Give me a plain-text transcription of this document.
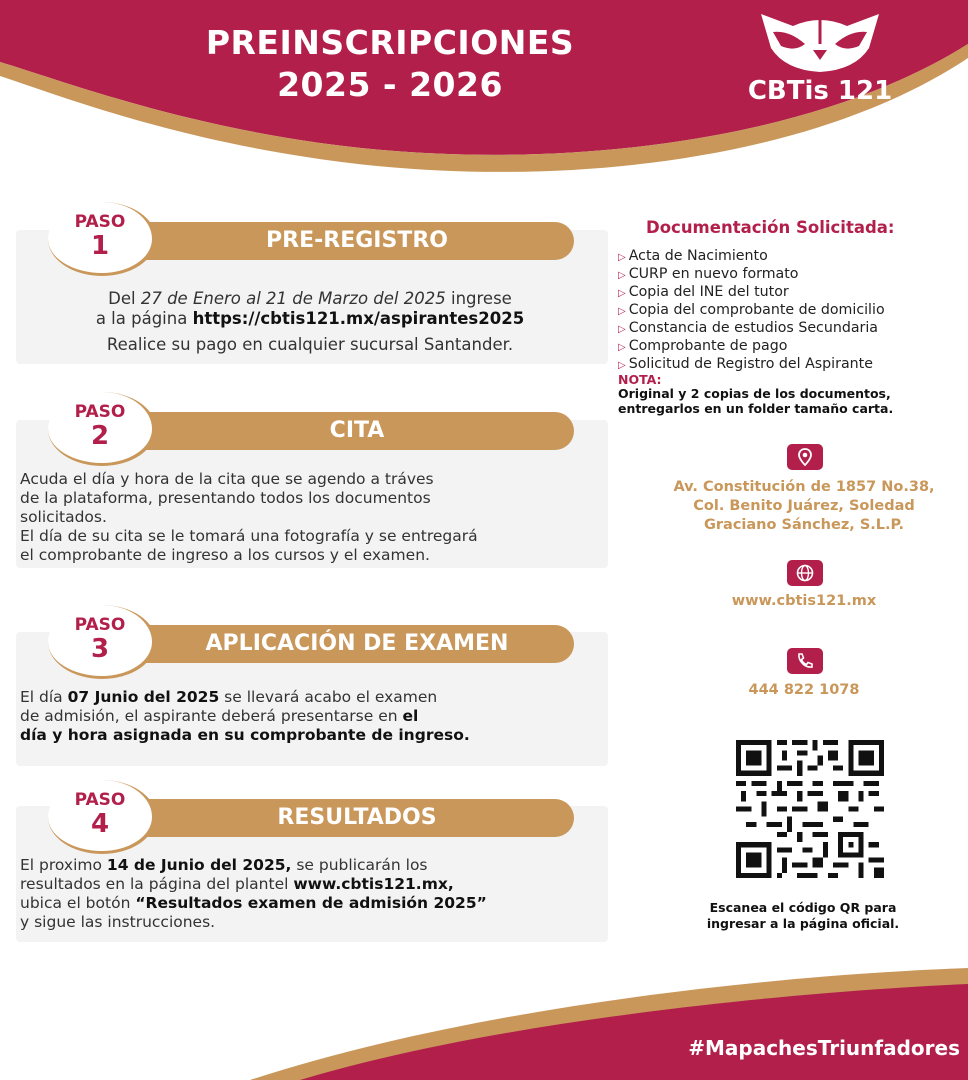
PREINSCRIPCIONES
2025 - 2026	CBTis 121
PRE-REGISTRO
PASO
1
Del 27 de Enero al 21 de Marzo del 2025 ingrese
a la página https://cbtis121.mx/aspirantes2025
Realice su pago en cualquier sucursal Santander.
CITA
PASO
2
Acuda el día y hora de la cita que se agendo a tráves
de la plataforma, presentando todos los documentos
solicitados.
El día de su cita se le tomará una fotografía y se entregará
el comprobante de ingreso a los cursos y el examen.
APLICACIÓN DE EXAMEN
PASO
3
El día 07 Junio del 2025 se llevará acabo el examen
de admisión, el aspirante deberá presentarse en el
día y hora asignada en su comprobante de ingreso.
RESULTADOS
PASO
4
El proximo 14 de Junio del 2025, se publicarán los
resultados en la página del plantel www.cbtis121.mx,
ubica el botón “Resultados examen de admisión 2025”
y sigue las instrucciones.
Documentación Solicitada:
▷ Acta de Nacimiento
▷ CURP en nuevo formato
▷ Copia del INE del tutor
▷ Copia del comprobante de domicilio
▷ Constancia de estudios Secundaria
▷ Comprobante de pago
▷ Solicitud de Registro del Aspirante
NOTA:
Original y 2 copias de los documentos,
entregarlos en un folder tamaño carta.
Av. Constitución de 1857 No.38,
Col. Benito Juárez, Soledad
Graciano Sánchez, S.L.P.
www.cbtis121.mx
444 822 1078
Escanea el código QR para
ingresar a la página oficial.
#MapachesTriunfadores
